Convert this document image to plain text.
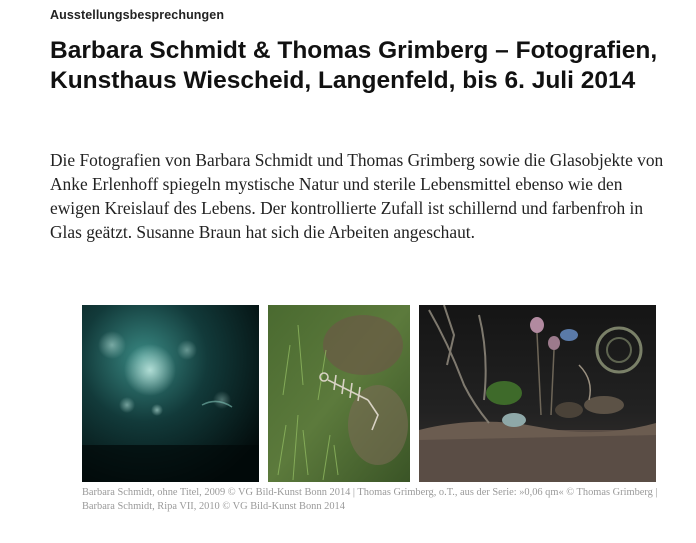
Ausstellungsbesprechungen
Barbara Schmidt & Thomas Grimberg – Fotografien, Kunsthaus Wiescheid, Langenfeld, bis 6. Juli 2014

Die Fotografien von Barbara Schmidt und Thomas Grimberg sowie die Glasobjekte von Anke Erlenhoff spiegeln mystische Natur und sterile Lebensmittel ebenso wie den ewigen Kreislauf des Lebens. Der kontrollierte Zufall ist schillernd und farbenfroh in Glas geätzt. Susanne Braun hat sich die Arbeiten angeschaut.

Barbara Schmidt, ohne Titel, 2009 © VG Bild-Kunst Bonn 2014 | Thomas Grimberg, o.T., aus der Serie: »0,06 qm« © Thomas Grimberg | Barbara Schmidt, Ripa VII, 2010 © VG Bild-Kunst Bonn 2014
